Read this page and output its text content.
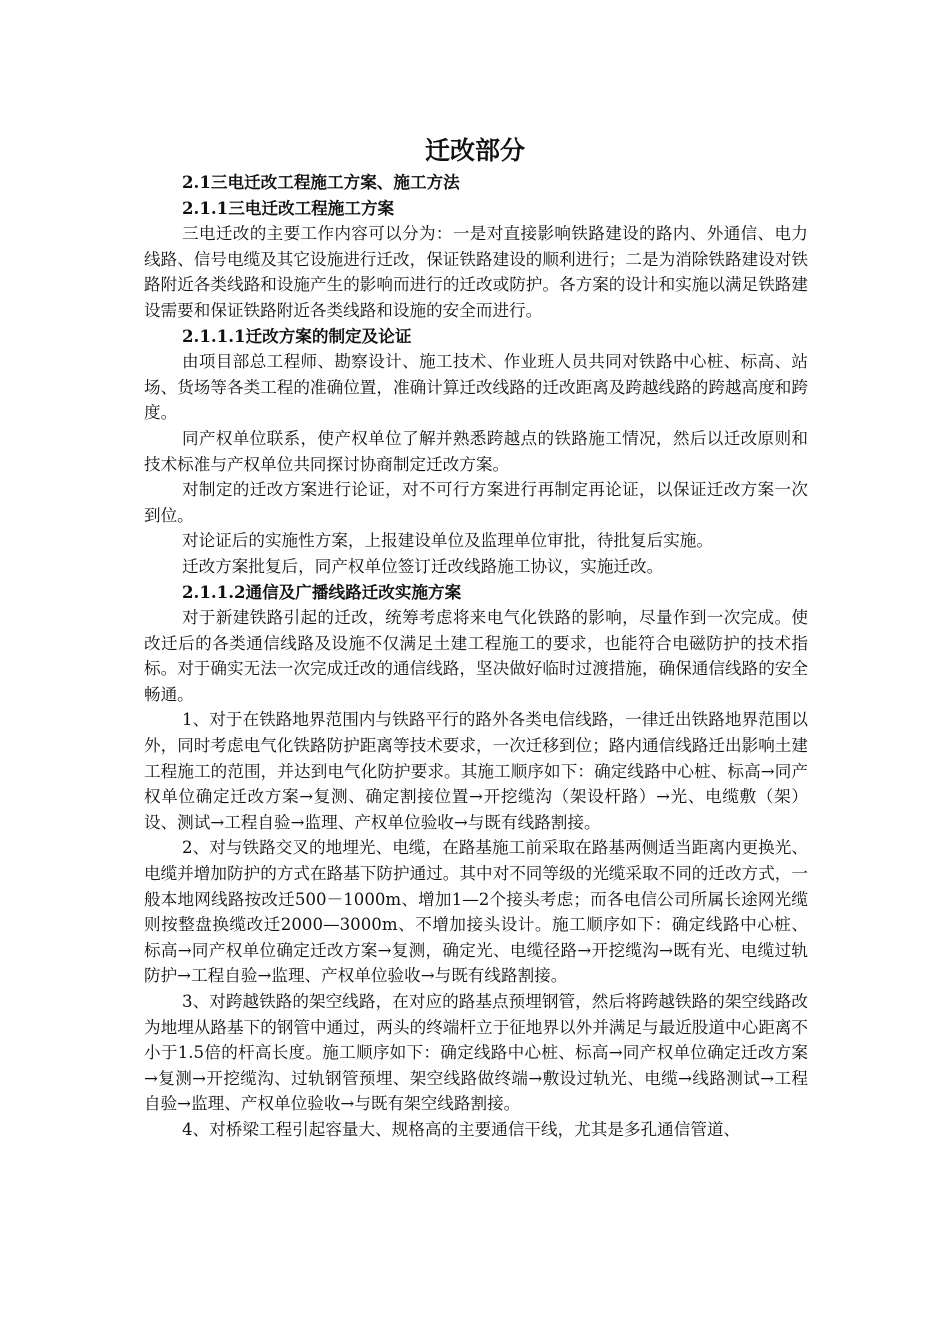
迁改部分

2.1三电迁改工程施工方案、施工方法

2.1.1三电迁改工程施工方案

三电迁改的主要工作内容可以分为：一是对直接影响铁路建设的路内、外通信、电力线路、信号电缆及其它设施进行迁改，保证铁路建设的顺利进行；二是为消除铁路建设对铁路附近各类线路和设施产生的影响而进行的迁改或防护。各方案的设计和实施以满足铁路建设需要和保证铁路附近各类线路和设施的安全而进行。

2.1.1.1迁改方案的制定及论证

由项目部总工程师、勘察设计、施工技术、作业班人员共同对铁路中心桩、标高、站场、货场等各类工程的准确位置，准确计算迁改线路的迁改距离及跨越线路的跨越高度和跨度。

同产权单位联系，使产权单位了解并熟悉跨越点的铁路施工情况，然后以迁改原则和技术标准与产权单位共同探讨协商制定迁改方案。

对制定的迁改方案进行论证，对不可行方案进行再制定再论证，以保证迁改方案一次到位。

对论证后的实施性方案，上报建设单位及监理单位审批，待批复后实施。

迁改方案批复后，同产权单位签订迁改线路施工协议，实施迁改。

2.1.1.2通信及广播线路迁改实施方案

对于新建铁路引起的迁改，统筹考虑将来电气化铁路的影响，尽量作到一次完成。使改迁后的各类通信线路及设施不仅满足土建工程施工的要求，也能符合电磁防护的技术指标。对于确实无法一次完成迁改的通信线路，坚决做好临时过渡措施，确保通信线路的安全畅通。

1、对于在铁路地界范围内与铁路平行的路外各类电信线路，一律迁出铁路地界范围以外，同时考虑电气化铁路防护距离等技术要求，一次迁移到位；路内通信线路迁出影响土建工程施工的范围，并达到电气化防护要求。其施工顺序如下：确定线路中心桩、标高→同产权单位确定迁改方案→复测、确定割接位置→开挖缆沟（架设杆路）→光、电缆敷（架）设、测试→工程自验→监理、产权单位验收→与既有线路割接。

2、对与铁路交叉的地埋光、电缆，在路基施工前采取在路基两侧适当距离内更换光、电缆并增加防护的方式在路基下防护通过。其中对不同等级的光缆采取不同的迁改方式，一般本地网线路按改迁500－1000m、增加1—2个接头考虑；而各电信公司所属长途网光缆则按整盘换缆改迁2000—3000m、不增加接头设计。施工顺序如下：确定线路中心桩、标高→同产权单位确定迁改方案→复测，确定光、电缆径路→开挖缆沟→既有光、电缆过轨防护→工程自验→监理、产权单位验收→与既有线路割接。

3、对跨越铁路的架空线路，在对应的路基点预埋钢管，然后将跨越铁路的架空线路改为地埋从路基下的钢管中通过，两头的终端杆立于征地界以外并满足与最近股道中心距离不小于1.5倍的杆高长度。施工顺序如下：确定线路中心桩、标高→同产权单位确定迁改方案→复测→开挖缆沟、过轨钢管预埋、架空线路做终端→敷设过轨光、电缆→线路测试→工程自验→监理、产权单位验收→与既有架空线路割接。

4、对桥梁工程引起容量大、规格高的主要通信干线，尤其是多孔通信管道、
